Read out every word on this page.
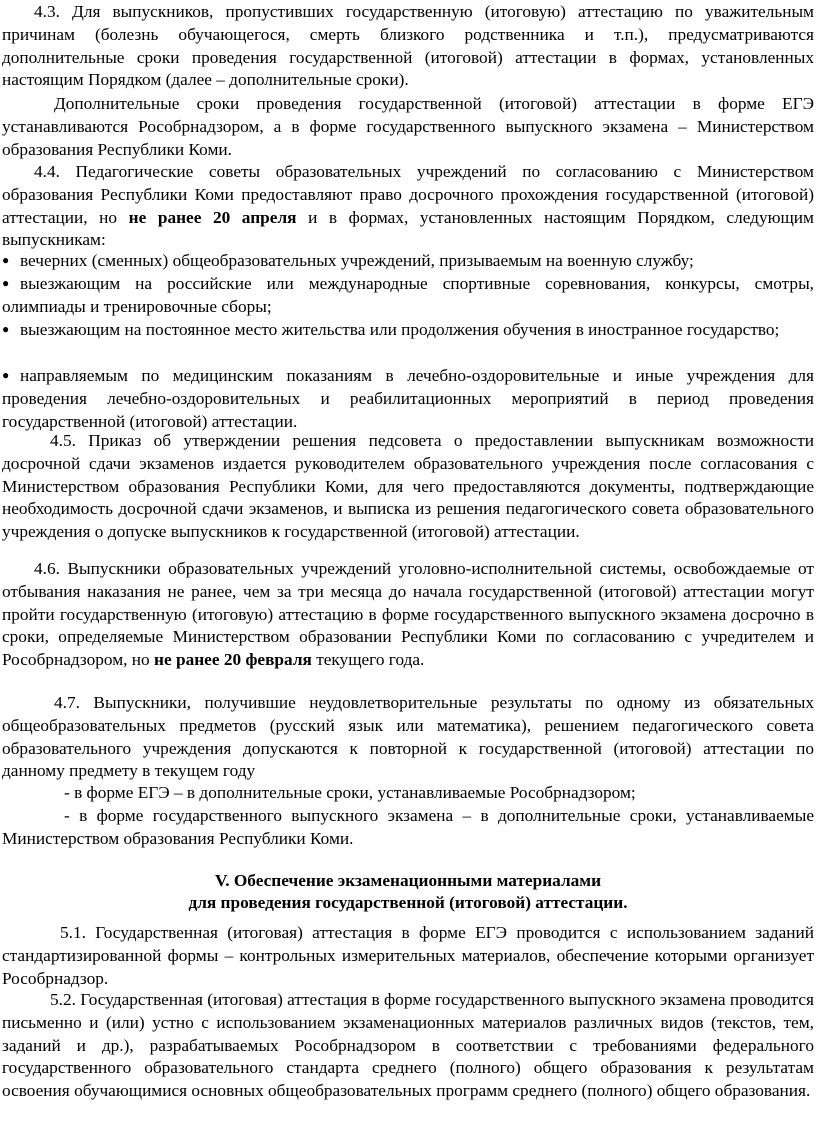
4.3. Для выпускников, пропустивших государственную (итоговую) аттестацию по уважительным причинам (болезнь обучающегося, смерть близкого родственника и т.п.), предусматриваются дополнительные сроки проведения государственной (итоговой) аттестации в формах, установленных настоящим Порядком (далее – дополнительные сроки).

Дополнительные сроки проведения государственной (итоговой) аттестации в форме ЕГЭ устанавливаются Рособрнадзором, а в форме государственного выпускного экзамена – Министерством образования Республики Коми.

4.4. Педагогические советы образовательных учреждений по согласованию с Министерством образования Республики Коми предоставляют право досрочного прохождения государственной (итоговой) аттестации, но не ранее 20 апреля и в формах, установленных настоящим Порядком, следующим выпускникам:

● вечерних (сменных) общеобразовательных учреждений, призываемым на военную службу;

● выезжающим на российские или международные спортивные соревнования, конкурсы, смотры, олимпиады и тренировочные сборы;

● выезжающим на постоянное место жительства или продолжения обучения в иностранное государство;

● направляемым по медицинским показаниям в лечебно-оздоровительные и иные учреждения для проведения лечебно-оздоровительных и реабилитационных мероприятий в период проведения государственной (итоговой) аттестации.

4.5. Приказ об утверждении решения педсовета о предоставлении выпускникам возможности досрочной сдачи экзаменов издается руководителем образовательного учреждения после согласования с Министерством образования Республики Коми, для чего предоставляются документы, подтверждающие необходимость досрочной сдачи экзаменов, и выписка из решения педагогического совета образовательного учреждения о допуске выпускников к государственной (итоговой) аттестации.

4.6. Выпускники образовательных учреждений уголовно-исполнительной системы, освобождаемые от отбывания наказания не ранее, чем за три месяца до начала государственной (итоговой) аттестации могут пройти государственную (итоговую) аттестацию в форме государственного выпускного экзамена досрочно в сроки, определяемые Министерством образовании Республики Коми по согласованию с учредителем и Рособрнадзором, но не ранее 20 февраля текущего года.

4.7. Выпускники, получившие неудовлетворительные результаты по одному из обязательных общеобразовательных предметов (русский язык или математика), решением педагогического совета образовательного учреждения допускаются к повторной к государственной (итоговой) аттестации по данному предмету в текущем году

- в форме ЕГЭ – в дополнительные сроки, устанавливаемые Рособрнадзором;

- в форме государственного выпускного экзамена – в дополнительные сроки, устанавливаемые Министерством образования Республики Коми.

V. Обеспечение экзаменационными материалами

для проведения государственной (итоговой) аттестации.

5.1. Государственная (итоговая) аттестация в форме ЕГЭ проводится с использованием заданий стандартизированной формы – контрольных измерительных материалов, обеспечение которыми организует Рособрнадзор.

5.2. Государственная (итоговая) аттестация в форме государственного выпускного экзамена проводится письменно и (или) устно с использованием экзаменационных материалов различных видов (текстов, тем, заданий и др.), разрабатываемых Рособрнадзором в соответствии с требованиями федерального государственного образовательного стандарта среднего (полного) общего образования к результатам освоения обучающимися основных общеобразовательных программ среднего (полного) общего образования.
